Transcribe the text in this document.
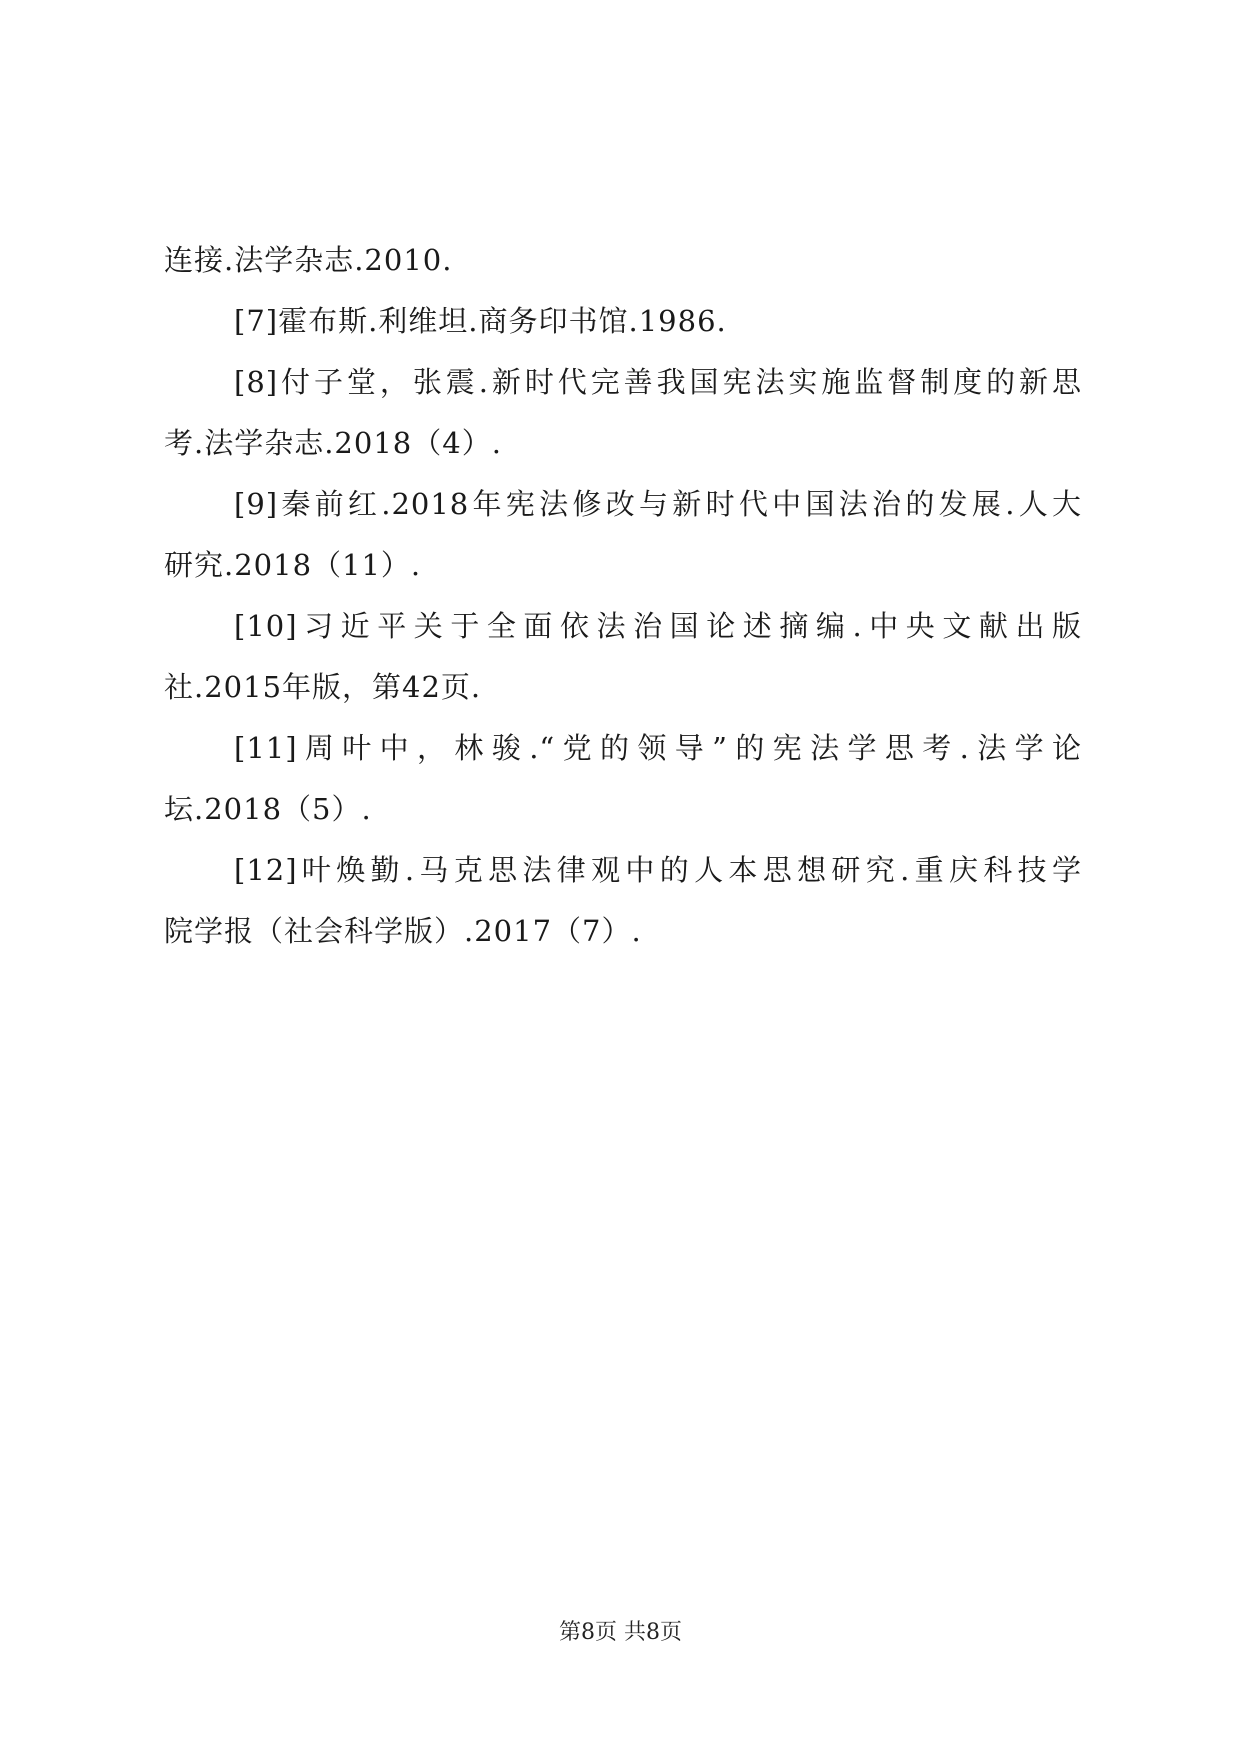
连接.法学杂志.2010.
[7]霍布斯.利维坦.商务印书馆.1986.
[8]付子堂，张震.新时代完善我国宪法实施监督制度的新思
考.法学杂志.2018（4）.
[9]秦前红.2018年宪法修改与新时代中国法治的发展.人大
研究.2018（11）.
[10]习近平关于全面依法治国论述摘编.中央文献出版
社.2015年版，第42页.
[11]周叶中，林骏.“党的领导”的宪法学思考.法学论
坛.2018（5）.
[12]叶焕勤.马克思法律观中的人本思想研究.重庆科技学
院学报（社会科学版）.2017（7）.
第8页 共8页
